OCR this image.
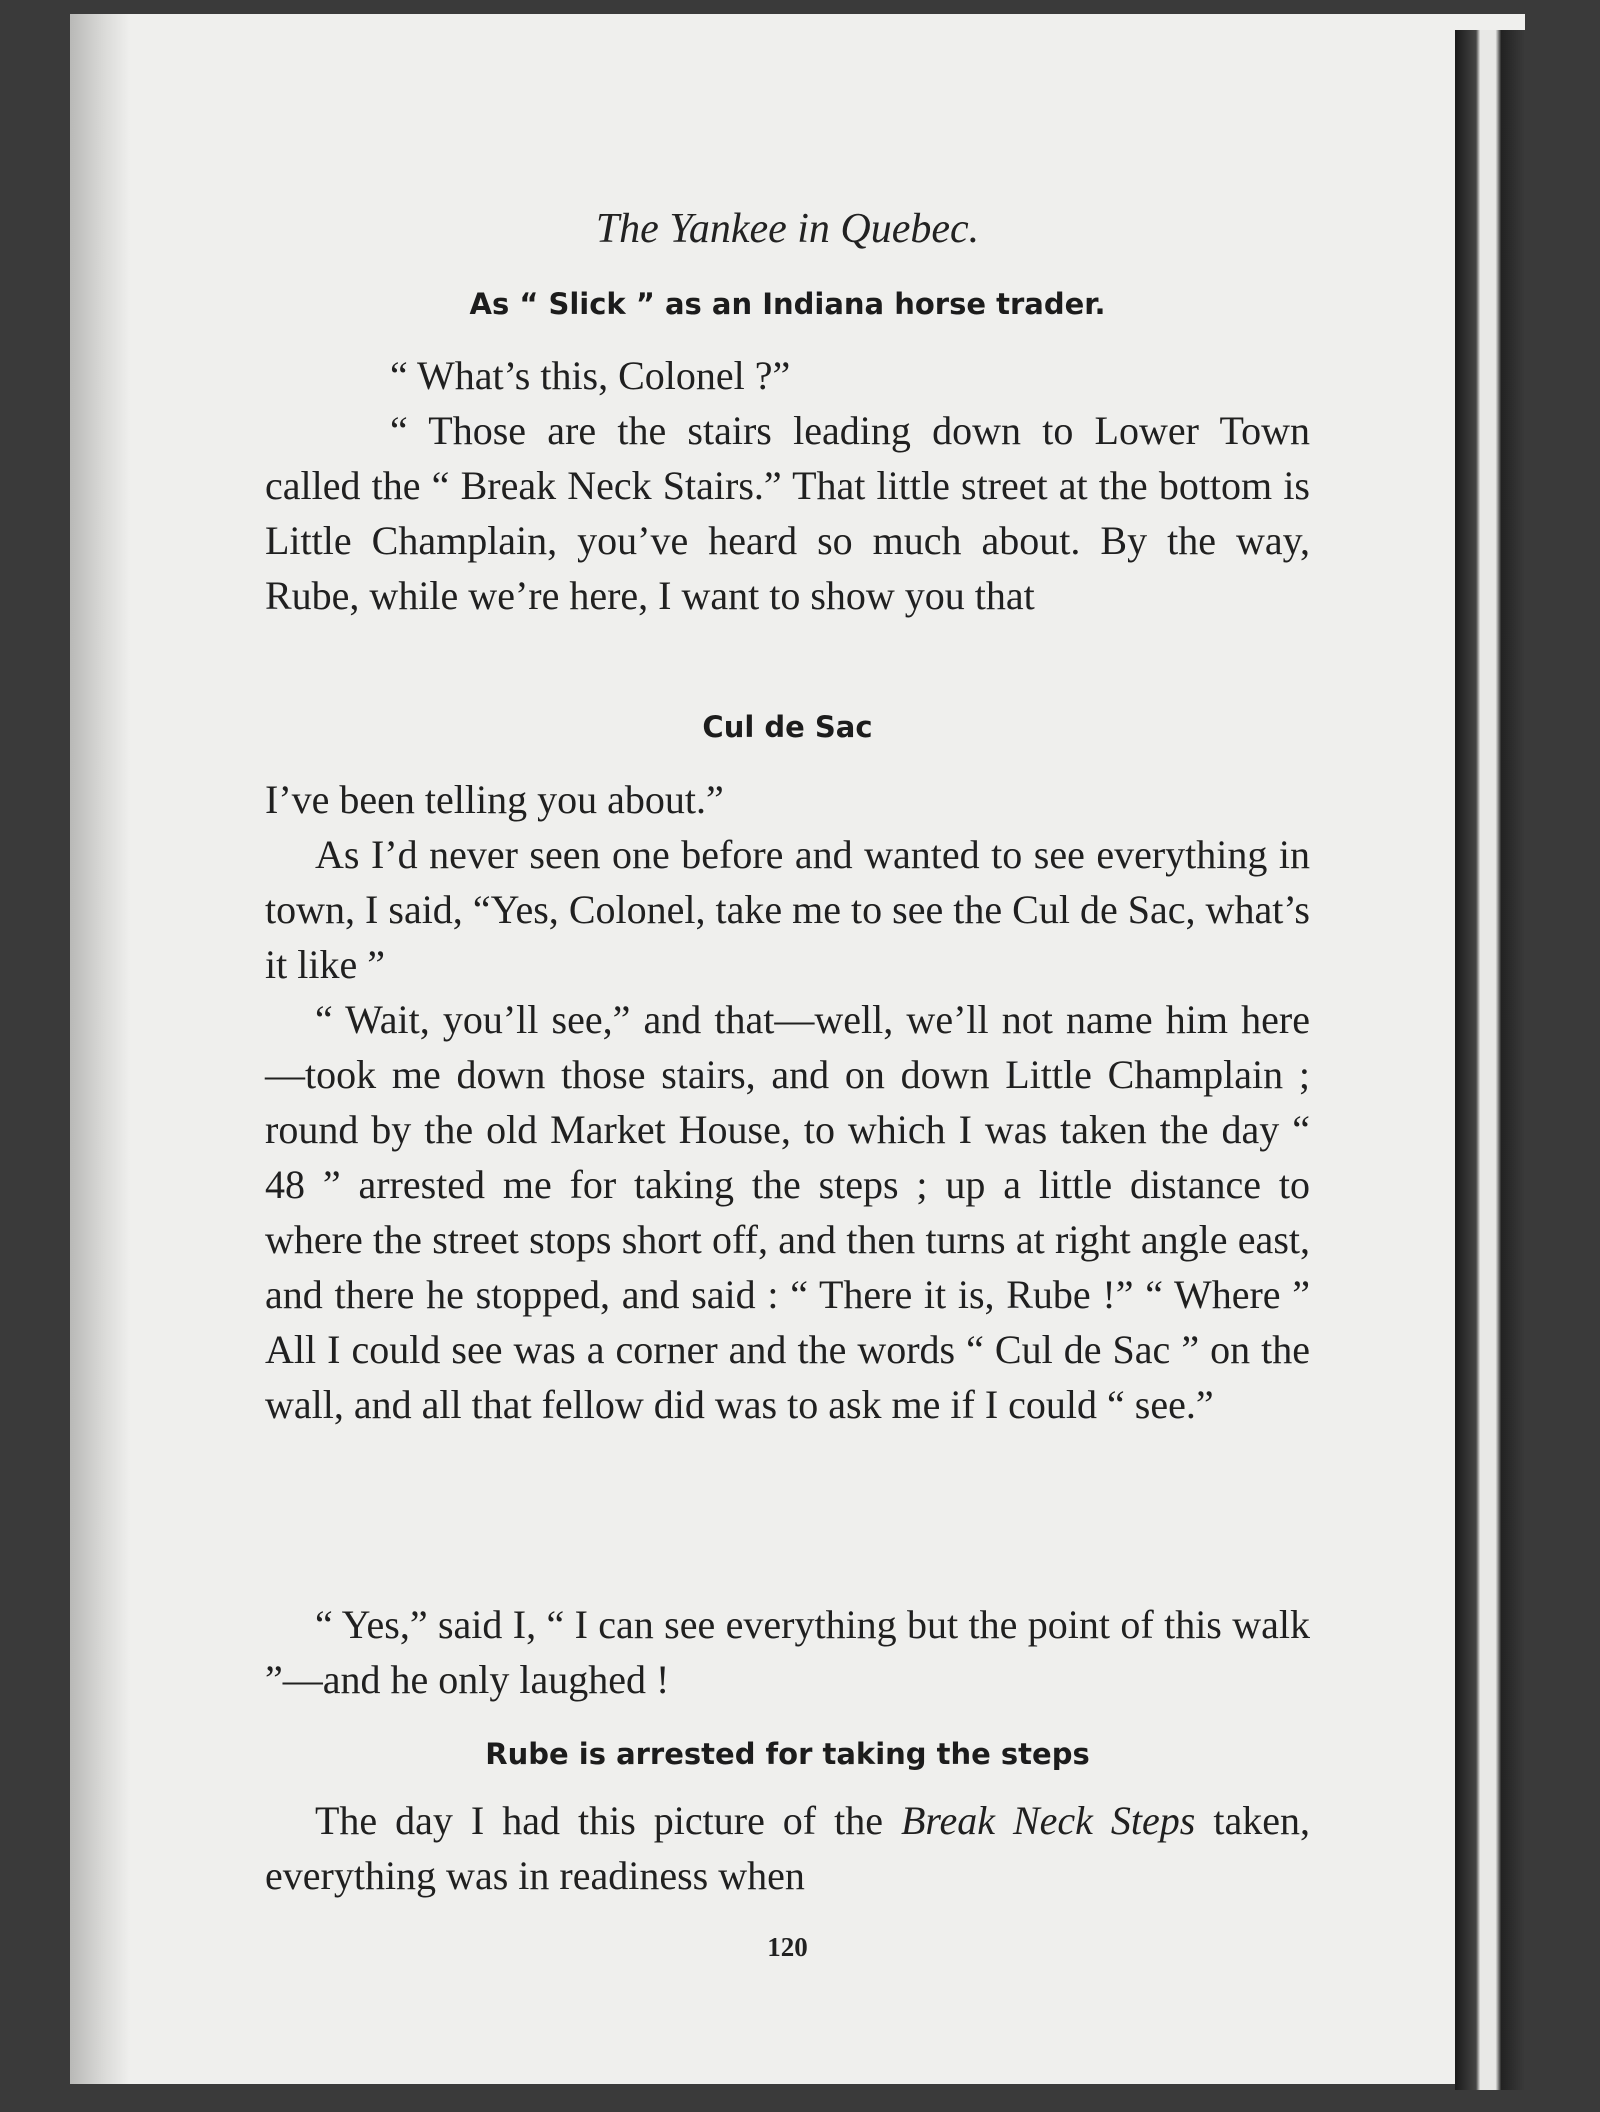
The Yankee in Quebec.
As “ Slick ” as an Indiana horse trader.
“ What’s this, Colonel ?”
“ Those are the stairs leading down to Lower Town called the “ Break Neck Stairs.” That little street at the bottom is Little Champlain, you’ve heard so much about. By the way, Rube, while we’re here, I want to show you that
Cul de Sac
I’ve been telling you about.”
As I’d never seen one before and wanted to see everything in town, I said, “Yes, Colonel, take me to see the Cul de Sac, what’s it like ”
“ Wait, you’ll see,” and that—well, we’ll not name him here—took me down those stairs, and on down Little Champlain ; round by the old Market House, to which I was taken the day “ 48 ” arrested me for taking the steps ; up a little distance to where the street stops short off, and then turns at right angle east, and there he stopped, and said : “ There it is, Rube !” “ Where ” All I could see was a corner and the words “ Cul de Sac ” on the wall, and all that fellow did was to ask me if I could “ see.”
“ Yes,” said I, “ I can see everything but the point of this walk ”—and he only laughed !
Rube is arrested for taking the steps
The day I had this picture of the Break Neck Steps taken, everything was in readiness when
120
